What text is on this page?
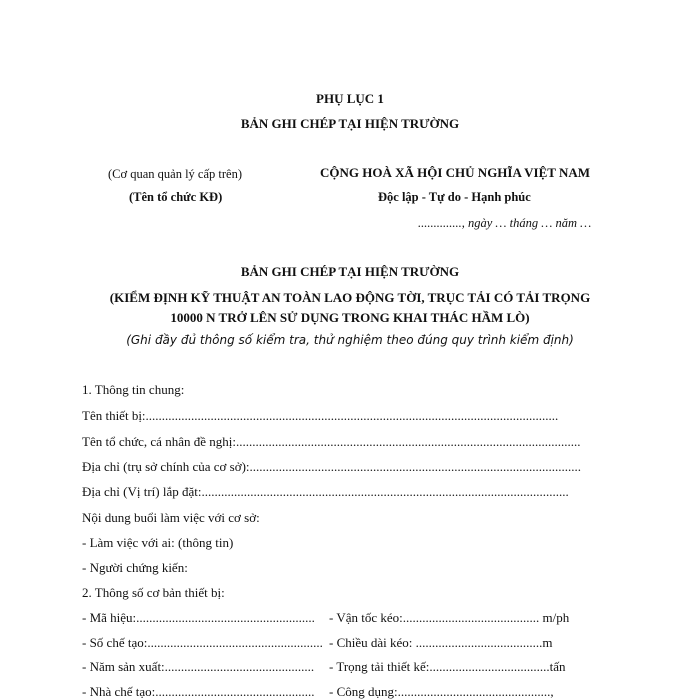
PHỤ LỤC 1
BẢN GHI CHÉP TẠI HIỆN TRƯỜNG
(Cơ quan quản lý cấp trên)
(Tên tổ chức KĐ)
CỘNG HOÀ XÃ HỘI CHỦ NGHĨA VIỆT NAM
Độc lập - Tự do - Hạnh phúc
.............., ngày … tháng … năm …
BẢN GHI CHÉP TẠI HIỆN TRƯỜNG
(KIỂM ĐỊNH KỸ THUẬT AN TOÀN LAO ĐỘNG TỜI, TRỤC TẢI CÓ TẢI TRỌNG
10000 N TRỞ LÊN SỬ DỤNG TRONG KHAI THÁC HẦM LÒ)
(Ghi đầy đủ thông số kiểm tra, thử nghiệm theo đúng quy trình kiểm định)
1. Thông tin chung:
Tên thiết bị:...............................................................................................................................
Tên tổ chức, cá nhân đề nghị:..........................................................................................................
Địa chỉ (trụ sở chính của cơ sở):......................................................................................................
Địa chỉ (Vị trí) lắp đặt:.................................................................................................................
Nội dung buổi làm việc với cơ sở:
- Làm việc với ai: (thông tin)
- Người chứng kiến:
2. Thông số cơ bản thiết bị:
- Mã hiệu:.......................................................	- Vận tốc kéo:.......................................... m/ph
- Số chế tạo:...................................................... - Chiều dài kéo: .......................................m
- Năm sản xuất:..............................................	- Trọng tải thiết kế:.....................................tấn
- Nhà chế tạo:.................................................	- Công dụng:...............................................,
